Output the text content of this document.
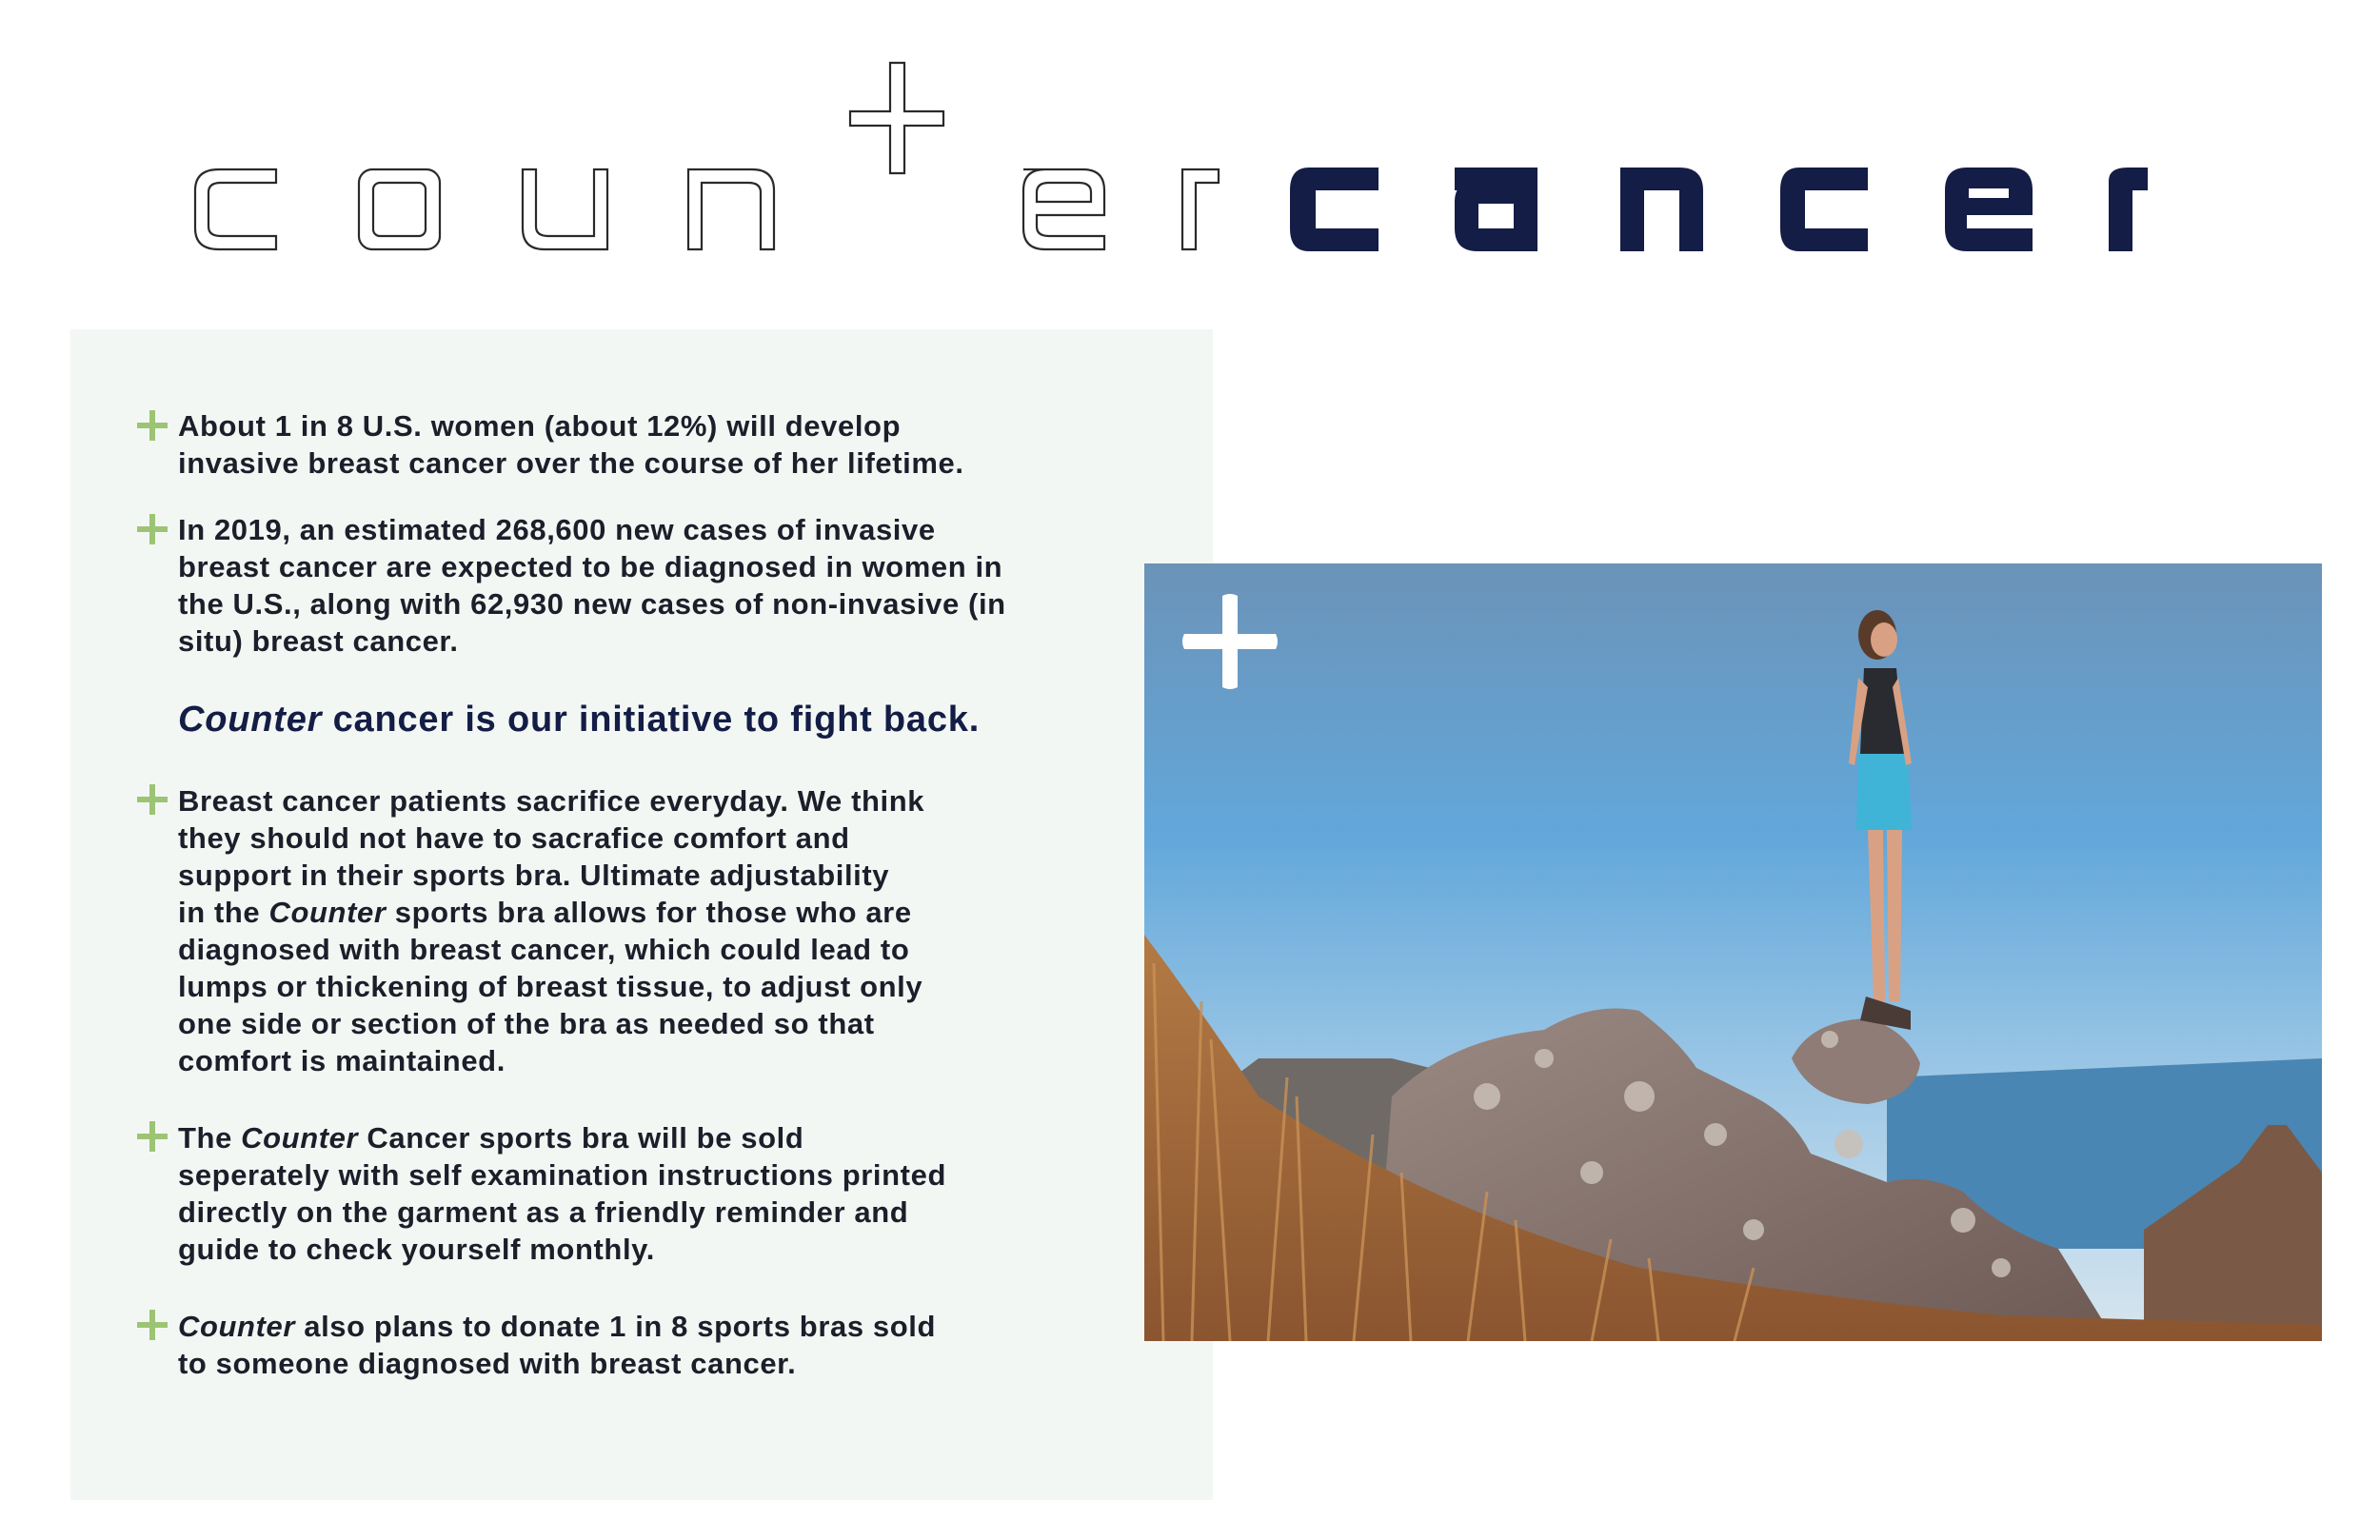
About 1 in 8 U.S. women (about 12%) will develop
invasive breast cancer over the course of her lifetime.
In 2019, an estimated 268,600 new cases of invasive
breast cancer are expected to be diagnosed in women in
the U.S., along with 62,930 new cases of non-invasive (in
situ) breast cancer.
Counter cancer is our initiative to fight back.
Breast cancer patients sacrifice everyday. We think
they should not have to sacrafice comfort and
support in their sports bra. Ultimate adjustability
in the Counter sports bra allows for those who are
diagnosed with breast cancer, which could lead to
lumps or thickening of breast tissue, to adjust only
one side or section of the bra as needed so that
comfort is maintained.
The Counter Cancer sports bra will be sold
seperately with self examination instructions printed
directly on the garment as a friendly reminder and
guide to check yourself monthly.
Counter also plans to donate 1 in 8 sports bras sold
to someone diagnosed with breast cancer.
